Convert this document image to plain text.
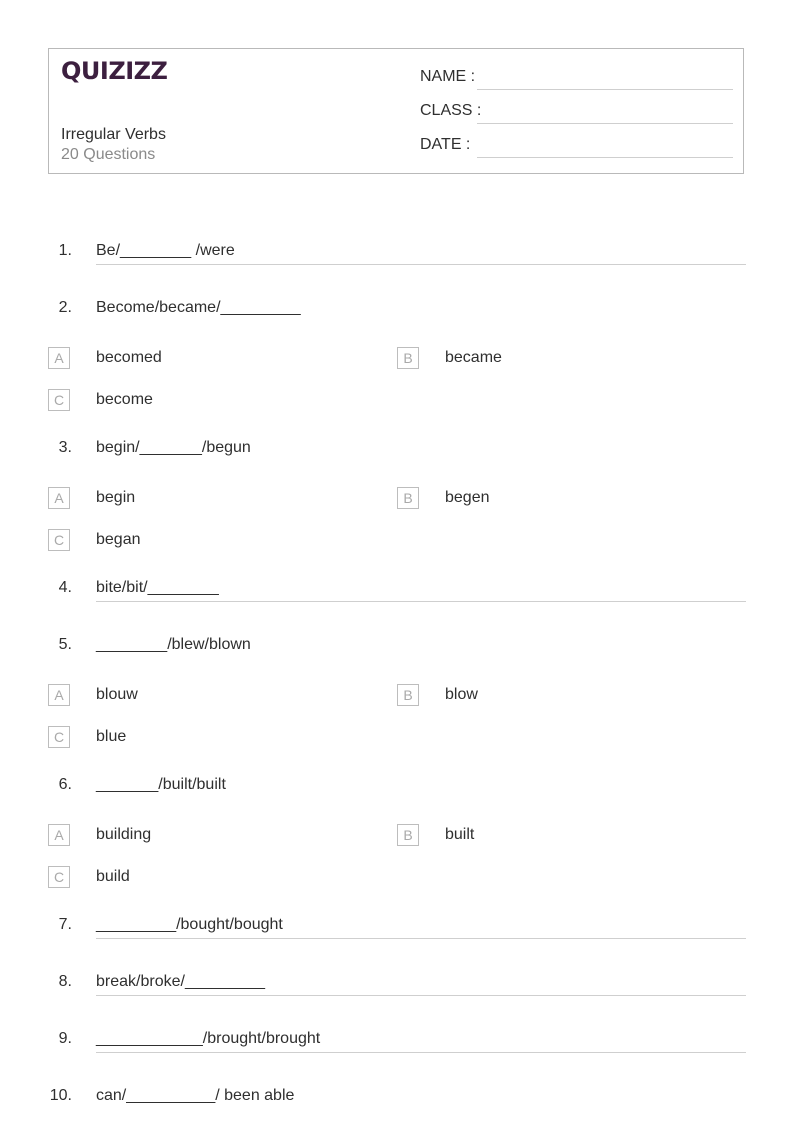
QUIZIZZ
Irregular Verbs
20 Questions
NAME :
CLASS :
DATE :
1. Be/________ /were
2. Become/became/_________
A	becomed	B	became
C	become
3. begin/_______/begun
A	begin	B	begen
C	began
4. bite/bit/________
5. ________/blew/blown
A	blouw	B	blow
C	blue
6. _______/built/built
A	building	B	built
C	build
7. _________/bought/bought
8. break/broke/_________
9. ____________/brought/brought
10. can/__________/ been able
